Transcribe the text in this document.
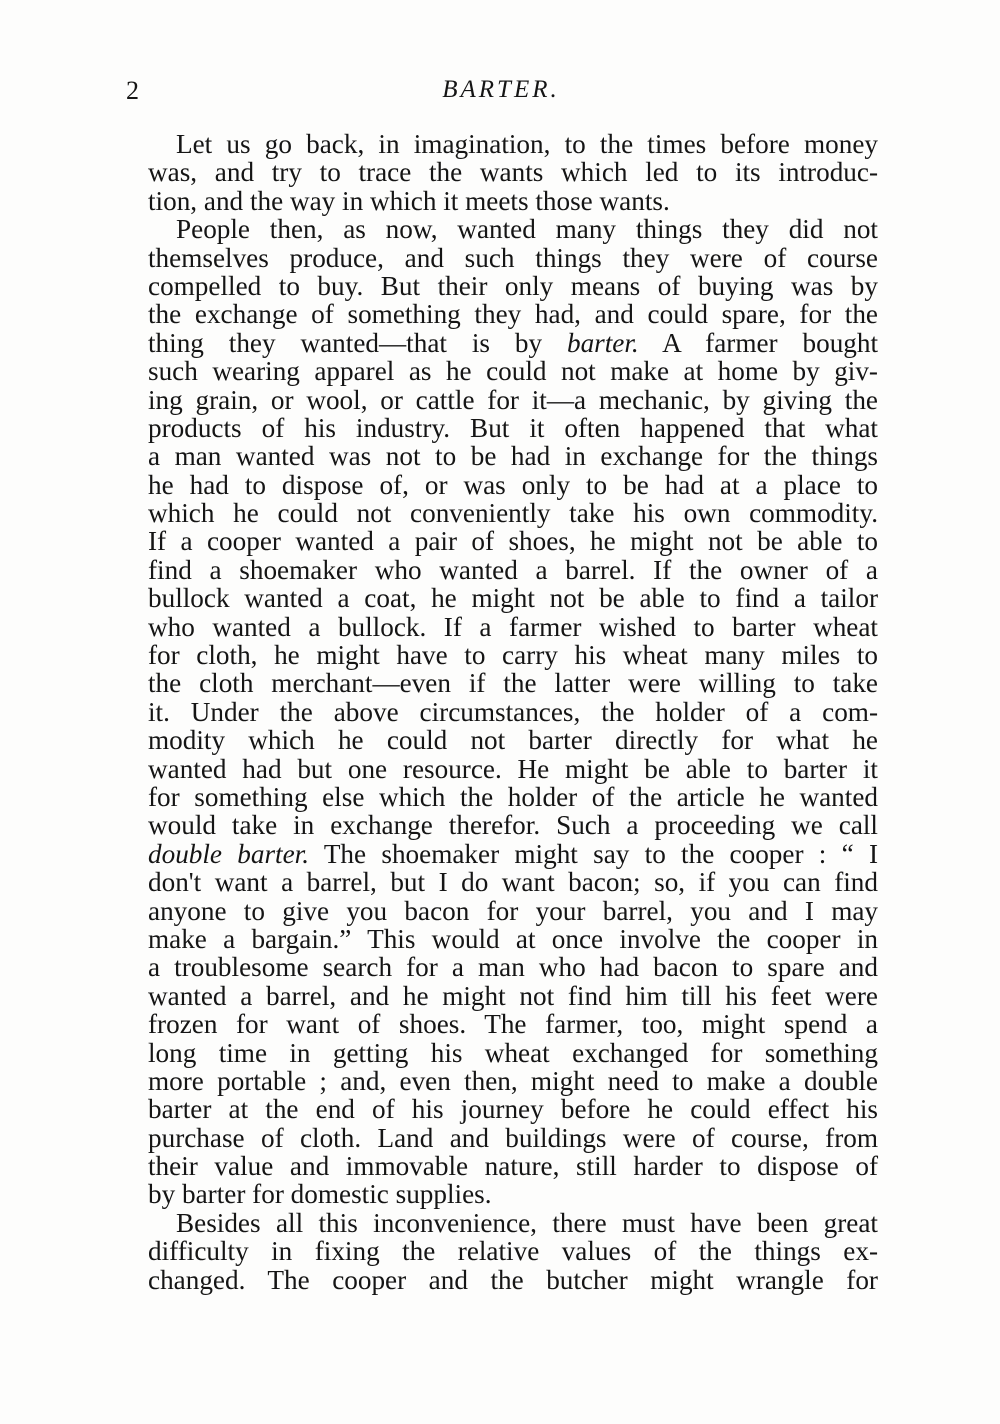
2	BARTER.
Let us go back, in imagination, to the times before money
was, and try to trace the wants which led to its introduc-
tion, and the way in which it meets those wants.
People then, as now, wanted many things they did not
themselves produce, and such things they were of course
compelled to buy. But their only means of buying was by
the exchange of something they had, and could spare, for the
thing they wanted—that is by barter. A farmer bought
such wearing apparel as he could not make at home by giv-
ing grain, or wool, or cattle for it—a mechanic, by giving the
products of his industry. But it often happened that what
a man wanted was not to be had in exchange for the things
he had to dispose of, or was only to be had at a place to
which he could not conveniently take his own commodity.
If a cooper wanted a pair of shoes, he might not be able to
find a shoemaker who wanted a barrel. If the owner of a
bullock wanted a coat, he might not be able to find a tailor
who wanted a bullock. If a farmer wished to barter wheat
for cloth, he might have to carry his wheat many miles to
the cloth merchant—even if the latter were willing to take
it. Under the above circumstances, the holder of a com-
modity which he could not barter directly for what he
wanted had but one resource. He might be able to barter it
for something else which the holder of the article he wanted
would take in exchange therefor. Such a proceeding we call
double barter. The shoemaker might say to the cooper : “ I
don't want a barrel, but I do want bacon; so, if you can find
anyone to give you bacon for your barrel, you and I may
make a bargain.” This would at once involve the cooper in
a troublesome search for a man who had bacon to spare and
wanted a barrel, and he might not find him till his feet were
frozen for want of shoes. The farmer, too, might spend a
long time in getting his wheat exchanged for something
more portable ; and, even then, might need to make a double
barter at the end of his journey before he could effect his
purchase of cloth. Land and buildings were of course, from
their value and immovable nature, still harder to dispose of
by barter for domestic supplies.
Besides all this inconvenience, there must have been great
difficulty in fixing the relative values of the things ex-
changed. The cooper and the butcher might wrangle for
